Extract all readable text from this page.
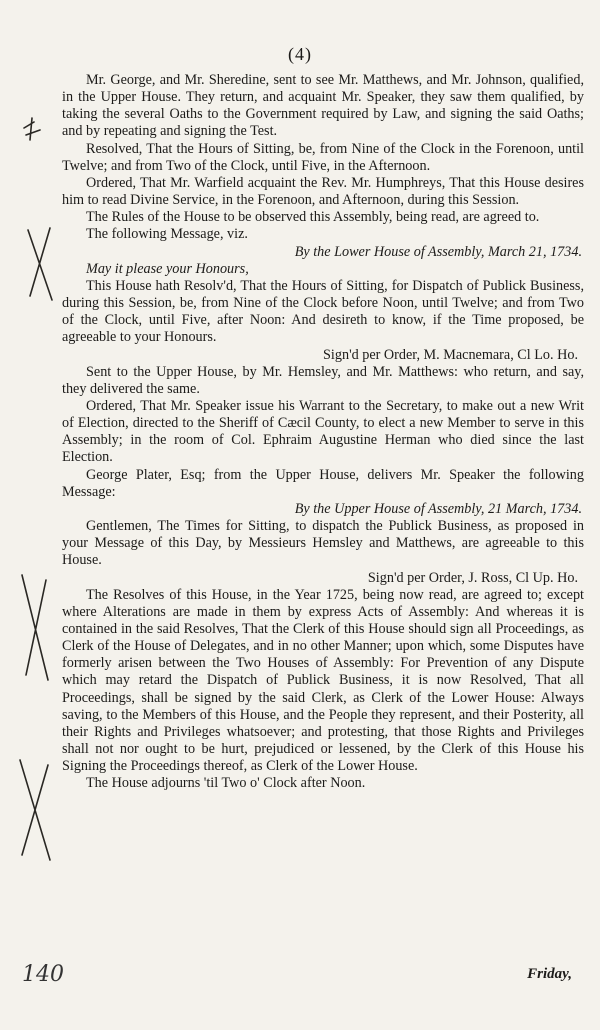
(4)

Mr. George, and Mr. Sheredine, sent to see Mr. Matthews, and Mr. Johnson, qualified, in the Upper House. They return, and acquaint Mr. Speaker, they saw them qualified, by taking the several Oaths to the Government required by Law, and signing the said Oaths; and by repeating and signing the Test.

Resolved, That the Hours of Sitting, be, from Nine of the Clock in the Forenoon, until Twelve; and from Two of the Clock, until Five, in the Afternoon.

Ordered, That Mr. Warfield acquaint the Rev. Mr. Humphreys, That this House desires him to read Divine Service, in the Forenoon, and Afternoon, during this Session.

The Rules of the House to be observed this Assembly, being read, are agreed to.

The following Message, viz.

By the Lower House of Assembly, March 21, 1734.

May it please your Honours,

This House hath Resolv'd, That the Hours of Sitting, for Dispatch of Publick Business, during this Session, be, from Nine of the Clock before Noon, until Twelve; and from Two of the Clock, until Five, after Noon: And desireth to know, if the Time proposed, be agreeable to your Honours.

Sign'd per Order, M. Macnemara, Cl Lo. Ho.

Sent to the Upper House, by Mr. Hemsley, and Mr. Matthews: who return, and say, they delivered the same.

Ordered, That Mr. Speaker issue his Warrant to the Secretary, to make out a new Writ of Election, directed to the Sheriff of Cæcil County, to elect a new Member to serve in this Assembly; in the room of Col. Ephraim Augustine Herman who died since the last Election.

George Plater, Esq; from the Upper House, delivers Mr. Speaker the following Message:

By the Upper House of Assembly, 21 March, 1734.

Gentlemen, The Times for Sitting, to dispatch the Publick Business, as proposed in your Message of this Day, by Messieurs Hemsley and Matthews, are agreeable to this House.

Sign'd per Order, J. Ross, Cl Up. Ho.

The Resolves of this House, in the Year 1725, being now read, are agreed to; except where Alterations are made in them by express Acts of Assembly: And whereas it is contained in the said Resolves, That the Clerk of this House should sign all Proceedings, as Clerk of the House of Delegates, and in no other Manner; upon which, some Disputes have formerly arisen between the Two Houses of Assembly: For Prevention of any Dispute which may retard the Dispatch of Publick Business, it is now Resolved, That all Proceedings, shall be signed by the said Clerk, as Clerk of the Lower House: Always saving, to the Members of this House, and the People they represent, and their Posterity, all their Rights and Privileges whatsoever; and protesting, that those Rights and Privileges shall not nor ought to be hurt, prejudiced or lessened, by the Clerk of this House his Signing the Proceedings thereof, as Clerk of the Lower House.

The House adjourns 'til Two o' Clock after Noon.

Friday,
140
